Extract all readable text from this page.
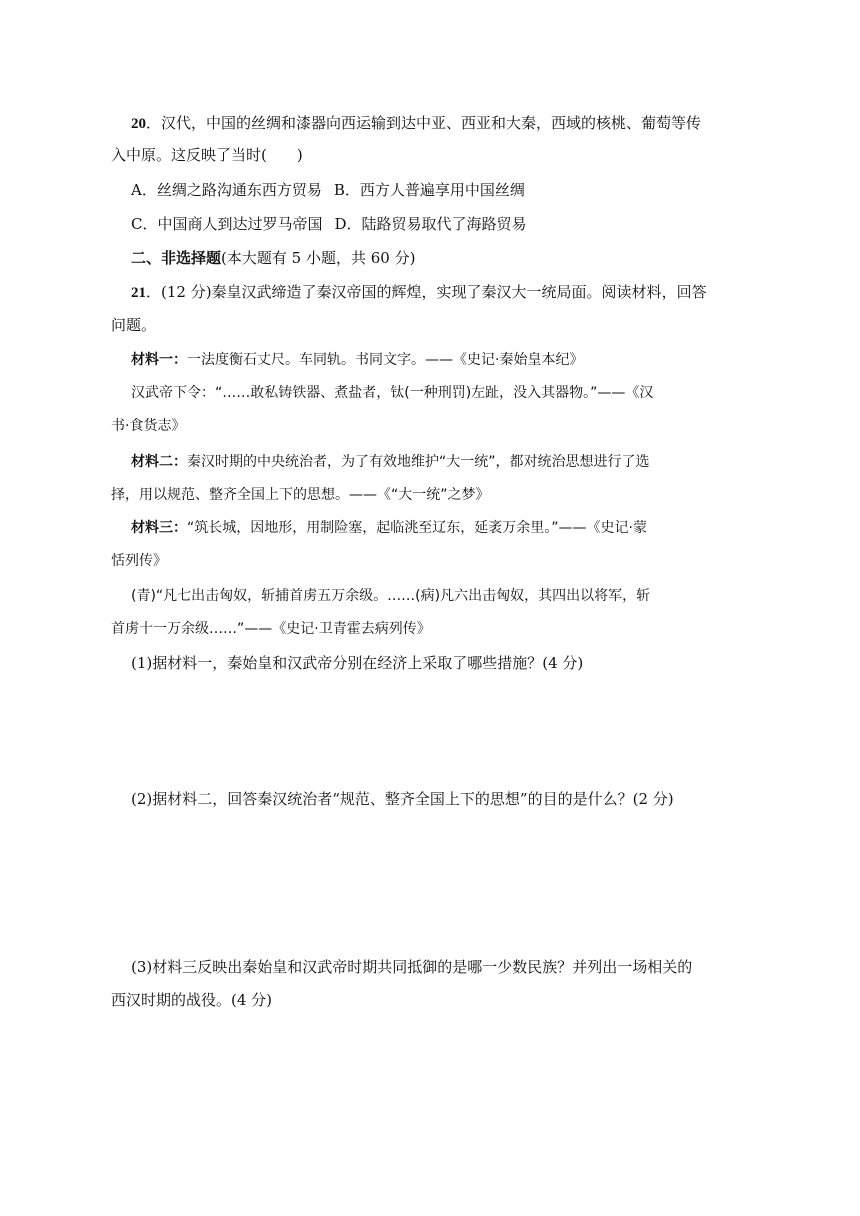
20．汉代，中国的丝绸和漆器向西运输到达中亚、西亚和大秦，西域的核桃、葡萄等传
入中原。这反映了当时(　　)
A．丝绸之路沟通东西方贸易 B．西方人普遍享用中国丝绸
C．中国商人到达过罗马帝国 D．陆路贸易取代了海路贸易
二、非选择题(本大题有 5 小题，共 60 分)
21．(12 分)秦皇汉武缔造了秦汉帝国的辉煌，实现了秦汉大一统局面。阅读材料，回答
问题。
材料一：一法度衡石丈尺。车同轨。书同文字。——《史记·秦始皇本纪》
汉武帝下令：“……敢私铸铁器、煮盐者，钛(一种刑罚)左趾，没入其器物。”——《汉
书·食货志》
材料二：秦汉时期的中央统治者，为了有效地维护“大一统”，都对统治思想进行了选
择，用以规范、整齐全国上下的思想。——《“大一统”之梦》
材料三：“筑长城，因地形，用制险塞，起临洮至辽东，延袤万余里。”——《史记·蒙
恬列传》
(青)“凡七出击匈奴，斩捕首虏五万余级。……(病)凡六出击匈奴，其四出以将军，斩
首虏十一万余级……”——《史记·卫青霍去病列传》
(1)据材料一，秦始皇和汉武帝分别在经济上采取了哪些措施？(4 分)
(2)据材料二，回答秦汉统治者“规范、整齐全国上下的思想”的目的是什么？(2 分)
(3)材料三反映出秦始皇和汉武帝时期共同抵御的是哪一少数民族？并列出一场相关的
西汉时期的战役。(4 分)
